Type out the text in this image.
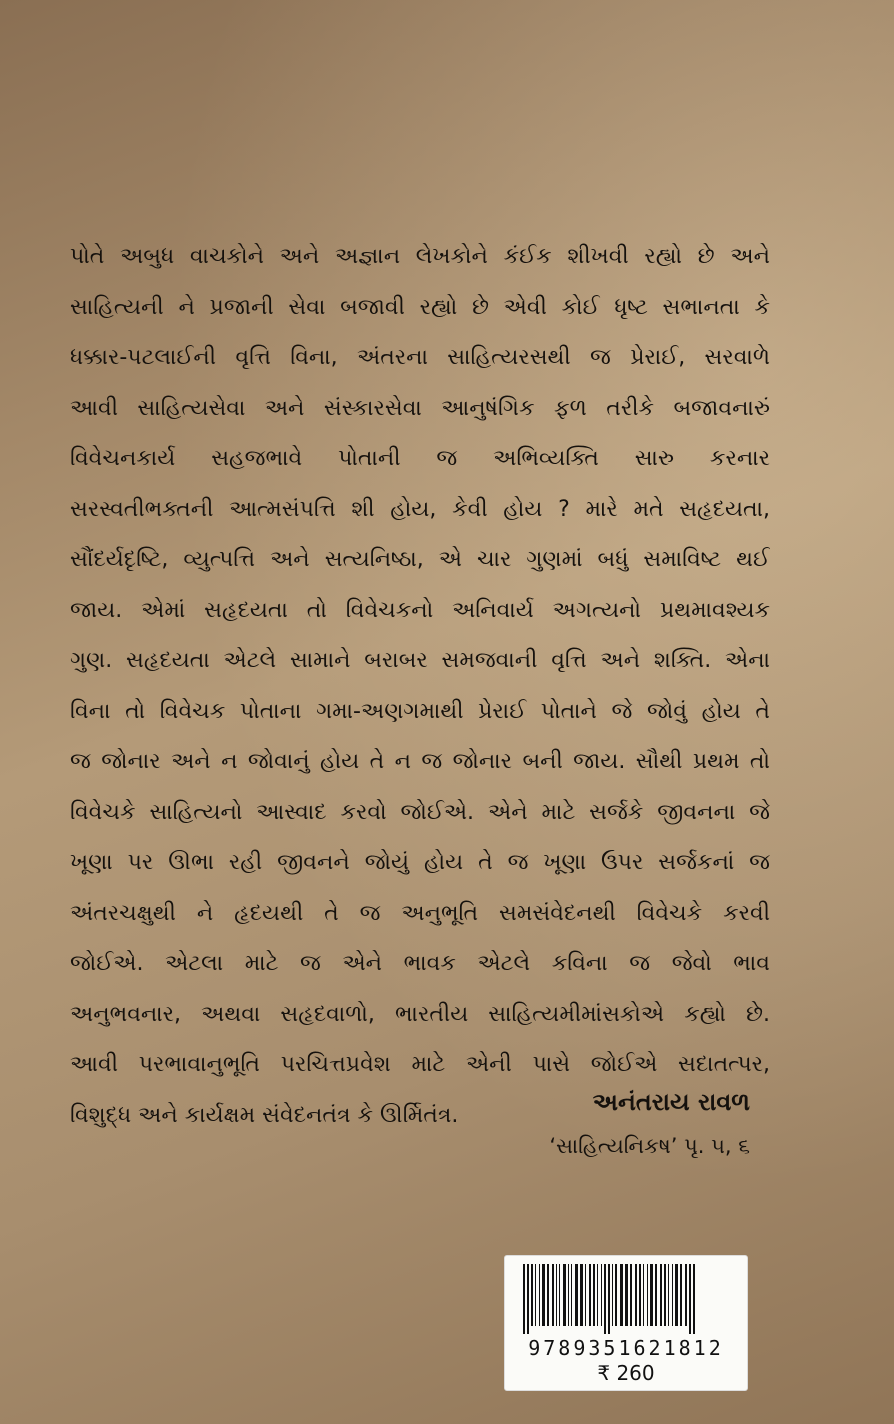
પોતે અબુધ વાચકોને અને અજ્ઞાન લેખકોને કંઈક શીખવી રહ્યો છે અને
સાહિત્યની ને પ્રજાની સેવા બજાવી રહ્યો છે એવી કોઈ ધૃષ્ટ સભાનતા કે
ધક્કાર-પટલાઈની વૃત્તિ વિના, અંતરના સાહિત્યરસથી જ પ્રેરાઈ, સરવાળે
આવી સાહિત્યસેવા અને સંસ્કારસેવા આનુષંગિક ફળ તરીકે બજાવનારું
વિવેચનકાર્ય સહજભાવે પોતાની જ અભિવ્યક્તિ સારુ કરનાર
સરસ્વતીભક્તની આત્મસંપત્તિ શી હોય, કેવી હોય ? મારે મતે સહૃદયતા,
સૌંદર્યદૃષ્ટિ, વ્યુત્પત્તિ અને સત્યનિષ્ઠા, એ ચાર ગુણમાં બધું સમાવિષ્ટ થઈ
જાય. એમાં સહૃદયતા તો વિવેચકનો અનિવાર્ય અગત્યનો પ્રથમાવશ્યક
ગુણ. સહૃદયતા એટલે સામાને બરાબર સમજવાની વૃત્તિ અને શક્તિ. એના
વિના તો વિવેચક પોતાના ગમા-અણગમાથી પ્રેરાઈ પોતાને જે જોવું હોય તે
જ જોનાર અને ન જોવાનું હોય તે ન જ જોનાર બની જાય. સૌથી પ્રથમ તો
વિવેચકે સાહિત્યનો આસ્વાદ કરવો જોઈએ. એને માટે સર્જકે જીવનના જે
ખૂણા પર ઊભા રહી જીવનને જોયું હોય તે જ ખૂણા ઉપર સર્જકનાં જ
અંતરચક્ષુથી ને હૃદયથી તે જ અનુભૂતિ સમસંવેદનથી વિવેચકે કરવી
જોઈએ. એટલા માટે જ એને ભાવક એટલે કવિના જ જેવો ભાવ
અનુભવનાર, અથવા સહૃદવાળો, ભારતીય સાહિત્યમીમાંસકોએ કહ્યો છે.
આવી પરભાવાનુભૂતિ પરચિત્તપ્રવેશ માટે એની પાસે જોઈએ સદાતત્પર,
વિશુદ્ધ અને કાર્યક્ષમ સંવેદનતંત્ર કે ઊર્મિતંત્ર.	અનંતરાય રાવળ
‘સાહિત્યનિકષ’ પૃ. ૫, ૬
9789351621812
₹ 260
